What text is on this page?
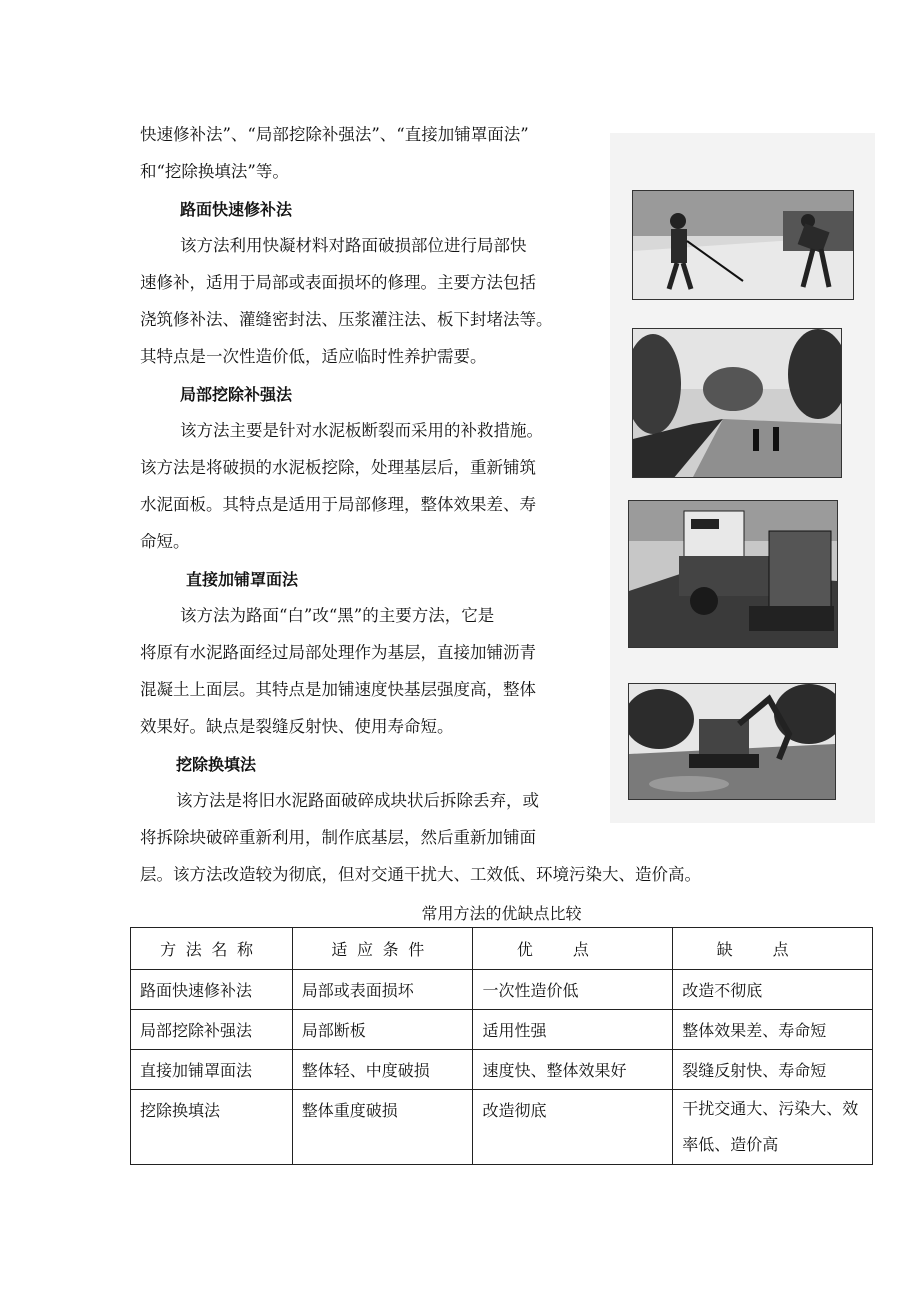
快速修补法”、“局部挖除补强法”、“直接加铺罩面法”
和“挖除换填法”等。
路面快速修补法
该方法利用快凝材料对路面破损部位进行局部快
速修补，适用于局部或表面损坏的修理。主要方法包括
浇筑修补法、灌缝密封法、压浆灌注法、板下封堵法等。
其特点是一次性造价低，适应临时性养护需要。
局部挖除补强法
该方法主要是针对水泥板断裂而采用的补救措施。
该方法是将破损的水泥板挖除，处理基层后，重新铺筑
水泥面板。其特点是适用于局部修理，整体效果差、寿
命短。
直接加铺罩面法
该方法为路面“白”改“黑”的主要方法，它是
将原有水泥路面经过局部处理作为基层，直接加铺沥青
混凝土上面层。其特点是加铺速度快基层强度高，整体
效果好。缺点是裂缝反射快、使用寿命短。
挖除换填法
该方法是将旧水泥路面破碎成块状后拆除丢弃，或
将拆除块破碎重新利用，制作底基层，然后重新加铺面
层。该方法改造较为彻底，但对交通干扰大、工效低、环境污染大、造价高。
常用方法的优缺点比较
方法名称	适应条件	优点	缺点
路面快速修补法	局部或表面损坏	一次性造价低	改造不彻底
局部挖除补强法	局部断板	适用性强	整体效果差、寿命短
直接加铺罩面法	整体轻、中度破损	速度快、整体效果好	裂缝反射快、寿命短
挖除换填法	整体重度破损	改造彻底	干扰交通大、污染大、效率低、造价高
